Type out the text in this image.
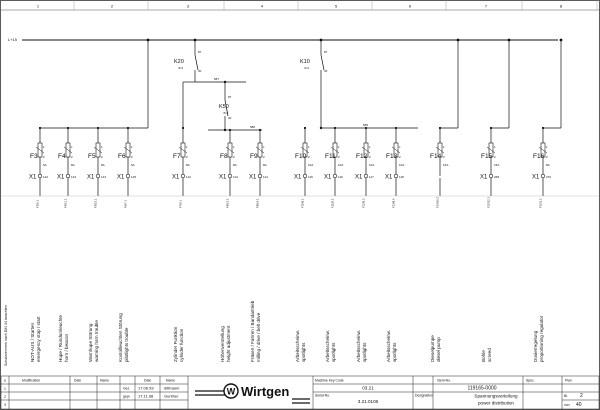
1	2	3	4	5	6	7	8
L+15
K20
/6.3
87
30
K50
/5.6
87
30
K10
/3.2
87
30
587
588	589
F3
6A
1
2
X1 122
F3/6.1
F4
8A
1
2
X1 123
F4/11.1
F5
8A
1
2
X1 124
F5/15.1
F6
6A
1
2
X1 125
F6/7.1
F7
8A
1
2
X1 113
F7/9.1
F8
8A
1
2
X1 113
F8/13.1
F9
8A
1
2
X1 114
F9/14.1
F10
10A
1
2
X1 115
F10/8.1
F11
10A
1
2
X1 116
F11/8.2
F12
10A
1
2
X1 117
F12/8.3
F13
10A
1
2
X1 118
F13/8.4
F14
15A
1
2
F14/10.2
F15
15A
1
2
X1 268
F15/12.1
F16
8A
1
2
X1 270
F16/1.3
Schutzvermerk nach DIN 34 beachten	NOT-AUS / Starten emergency stop / start	Hupe / Rundumleuchte horn / beacon	Warnhupe Störung warning horn trouble	Kontollleuchten Störung pilotlights trouble	Zylinder Funktion cylinder function	Höhenverstellung height adjustment	Fräsen / Fahren / Bandantrieb milling / drive / belt drive	Arbeitsscheinw. spotlights	Arbeitsscheinw. spotlights	Arbeitsscheinw. spotlights	Arbeitsscheinw. spotlights	Dieselpumpe diesel pump	Bohle screed	Dosierregelung proportioning regulator
Modification	Date	Name	Date	Name
Gez. 17.06.93	dittmann
gepr. 17.11.98	Gunther
0
1
2
3
W Wirtgen
Machine Key Code
03.21
Serial-No.
3.21.0106
Ident-No.
119165-0000
Designation	Spannungsverteilung
power distribution
Spec.	Plan
Bl. 2
von 40
